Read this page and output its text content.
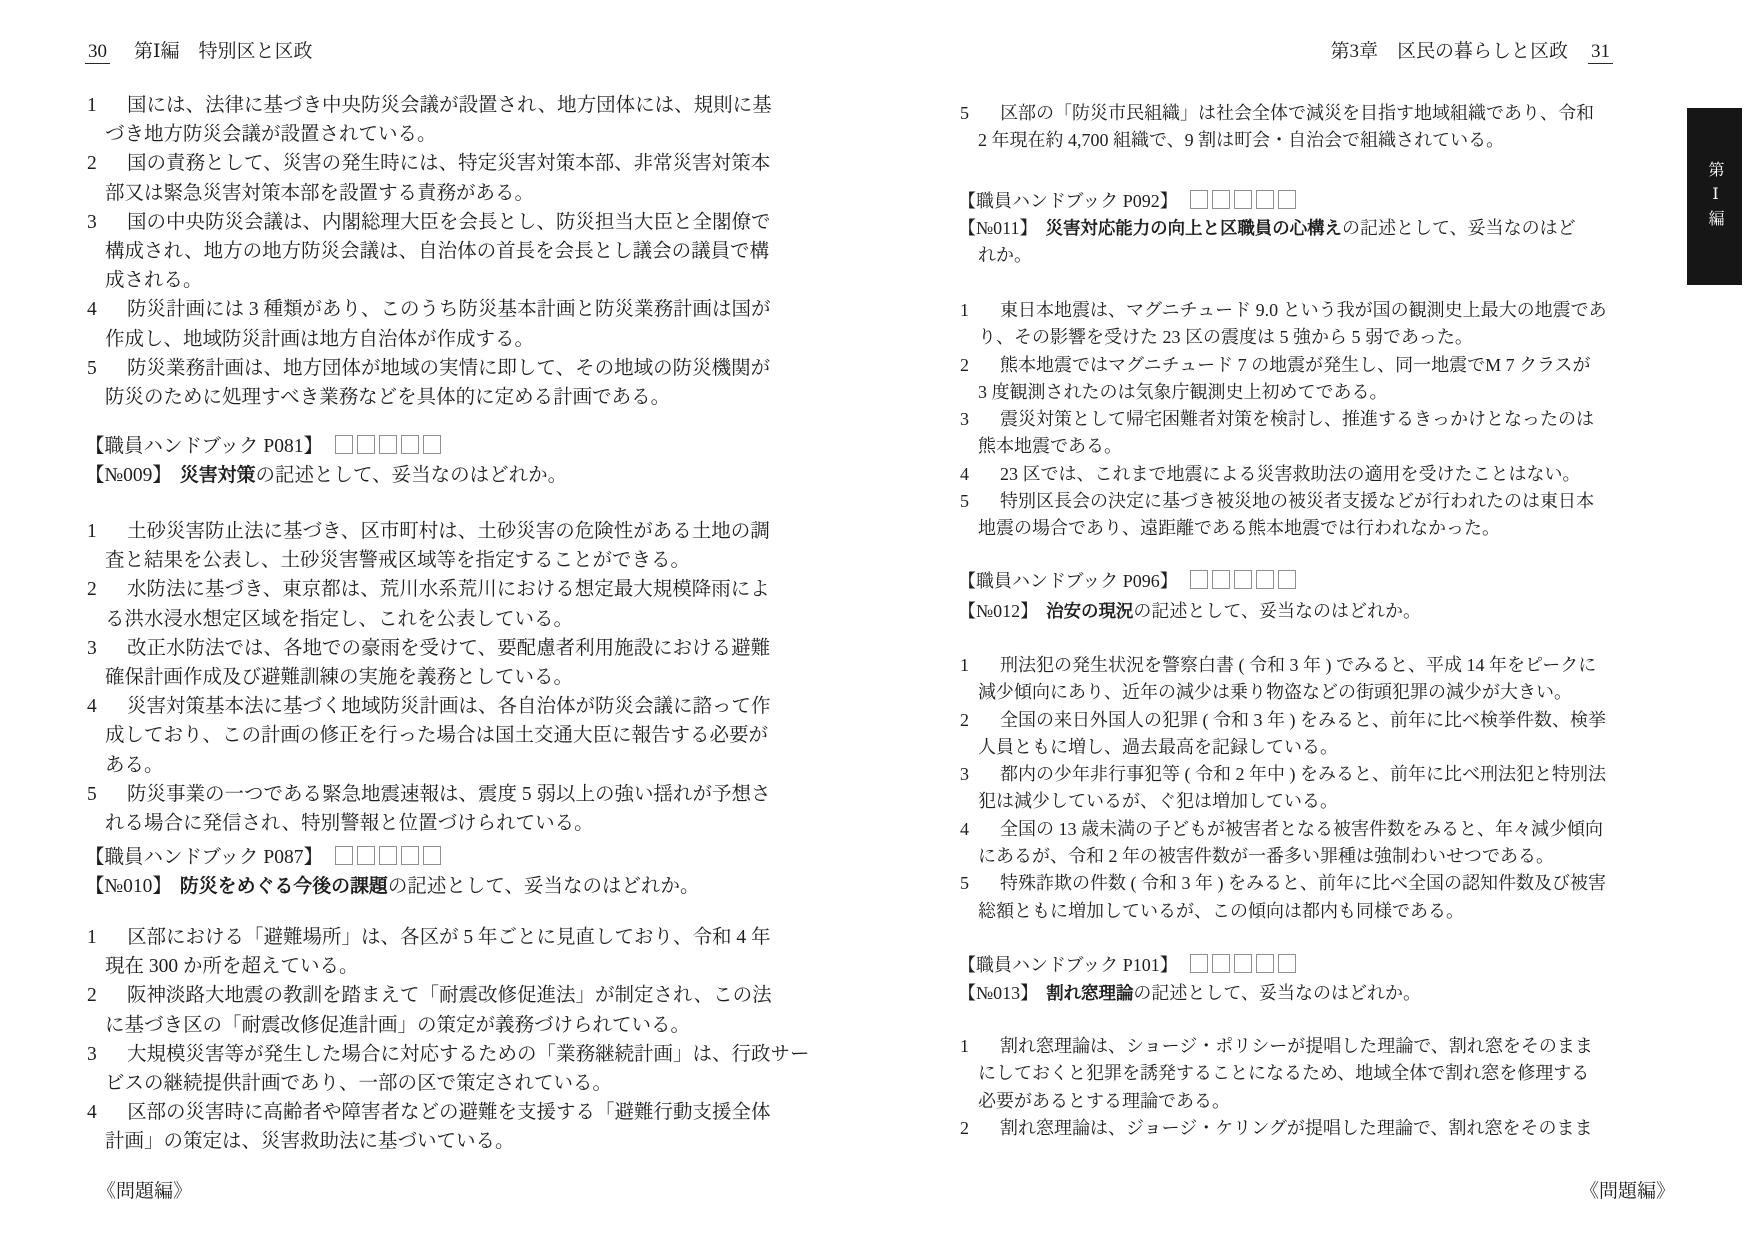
30 第Ⅰ編　特別区と区政
1 国には、法律に基づき中央防災会議が設置され、地方団体には、規則に基
づき地方防災会議が設置されている。
2 国の責務として、災害の発生時には、特定災害対策本部、非常災害対策本
部又は緊急災害対策本部を設置する責務がある。
3 国の中央防災会議は、内閣総理大臣を会長とし、防災担当大臣と全閣僚で
構成され、地方の地方防災会議は、自治体の首長を会長とし議会の議員で構
成される。
4 防災計画には 3 種類があり、このうち防災基本計画と防災業務計画は国が
作成し、地域防災計画は地方自治体が作成する。
5 防災業務計画は、地方団体が地域の実情に即して、その地域の防災機関が
防災のために処理すべき業務などを具体的に定める計画である。
【職員ハンドブック P081】
【№009】 災害対策の記述として、妥当なのはどれか。
1 土砂災害防止法に基づき、区市町村は、土砂災害の危険性がある土地の調
査と結果を公表し、土砂災害警戒区域等を指定することができる。
2 水防法に基づき、東京都は、荒川水系荒川における想定最大規模降雨によ
る洪水浸水想定区域を指定し、これを公表している。
3 改正水防法では、各地での豪雨を受けて、要配慮者利用施設における避難
確保計画作成及び避難訓練の実施を義務としている。
4 災害対策基本法に基づく地域防災計画は、各自治体が防災会議に諮って作
成しており、この計画の修正を行った場合は国土交通大臣に報告する必要が
ある。
5 防災事業の一つである緊急地震速報は、震度 5 弱以上の強い揺れが予想さ
れる場合に発信され、特別警報と位置づけられている。
【職員ハンドブック P087】
【№010】 防災をめぐる今後の課題の記述として、妥当なのはどれか。
1 区部における「避難場所」は、各区が 5 年ごとに見直しており、令和 4 年
現在 300 か所を超えている。
2 阪神淡路大地震の教訓を踏まえて「耐震改修促進法」が制定され、この法
に基づき区の「耐震改修促進計画」の策定が義務づけられている。
3 大規模災害等が発生した場合に対応するための「業務継続計画」は、行政サー
ビスの継続提供計画であり、一部の区で策定されている。
4 区部の災害時に高齢者や障害者などの避難を支援する「避難行動支援全体
計画」の策定は、災害救助法に基づいている。
第3章　区民の暮らしと区政 31
5 区部の「防災市民組織」は社会全体で減災を目指す地域組織であり、令和
2 年現在約 4,700 組織で、9 割は町会・自治会で組織されている。
【職員ハンドブック P092】
【№011】 災害対応能力の向上と区職員の心構えの記述として、妥当なのはど
れか。
1 東日本地震は、マグニチュード 9.0 という我が国の観測史上最大の地震であ
り、その影響を受けた 23 区の震度は 5 強から 5 弱であった。
2 熊本地震ではマグニチュード 7 の地震が発生し、同一地震でM 7 クラスが
3 度観測されたのは気象庁観測史上初めてである。
3 震災対策として帰宅困難者対策を検討し、推進するきっかけとなったのは
熊本地震である。
4 23 区では、これまで地震による災害救助法の適用を受けたことはない。
5 特別区長会の決定に基づき被災地の被災者支援などが行われたのは東日本
地震の場合であり、遠距離である熊本地震では行われなかった。
【職員ハンドブック P096】
【№012】 治安の現況の記述として、妥当なのはどれか。
1 刑法犯の発生状況を警察白書 ( 令和 3 年 ) でみると、平成 14 年をピークに
減少傾向にあり、近年の減少は乗り物盗などの街頭犯罪の減少が大きい。
2 全国の来日外国人の犯罪 ( 令和 3 年 ) をみると、前年に比べ検挙件数、検挙
人員ともに増し、過去最高を記録している。
3 都内の少年非行事犯等 ( 令和 2 年中 ) をみると、前年に比べ刑法犯と特別法
犯は減少しているが、ぐ犯は増加している。
4 全国の 13 歳未満の子どもが被害者となる被害件数をみると、年々減少傾向
にあるが、令和 2 年の被害件数が一番多い罪種は強制わいせつである。
5 特殊詐欺の件数 ( 令和 3 年 ) をみると、前年に比べ全国の認知件数及び被害
総額ともに増加しているが、この傾向は都内も同様である。
【職員ハンドブック P101】
【№013】 割れ窓理論の記述として、妥当なのはどれか。
1 割れ窓理論は、ショージ・ポリシーが提唱した理論で、割れ窓をそのまま
にしておくと犯罪を誘発することになるため、地域全体で割れ窓を修理する
必要があるとする理論である。
2 割れ窓理論は、ジョージ・ケリングが提唱した理論で、割れ窓をそのまま
《問題編》	《問題編》
第Ⅰ編
